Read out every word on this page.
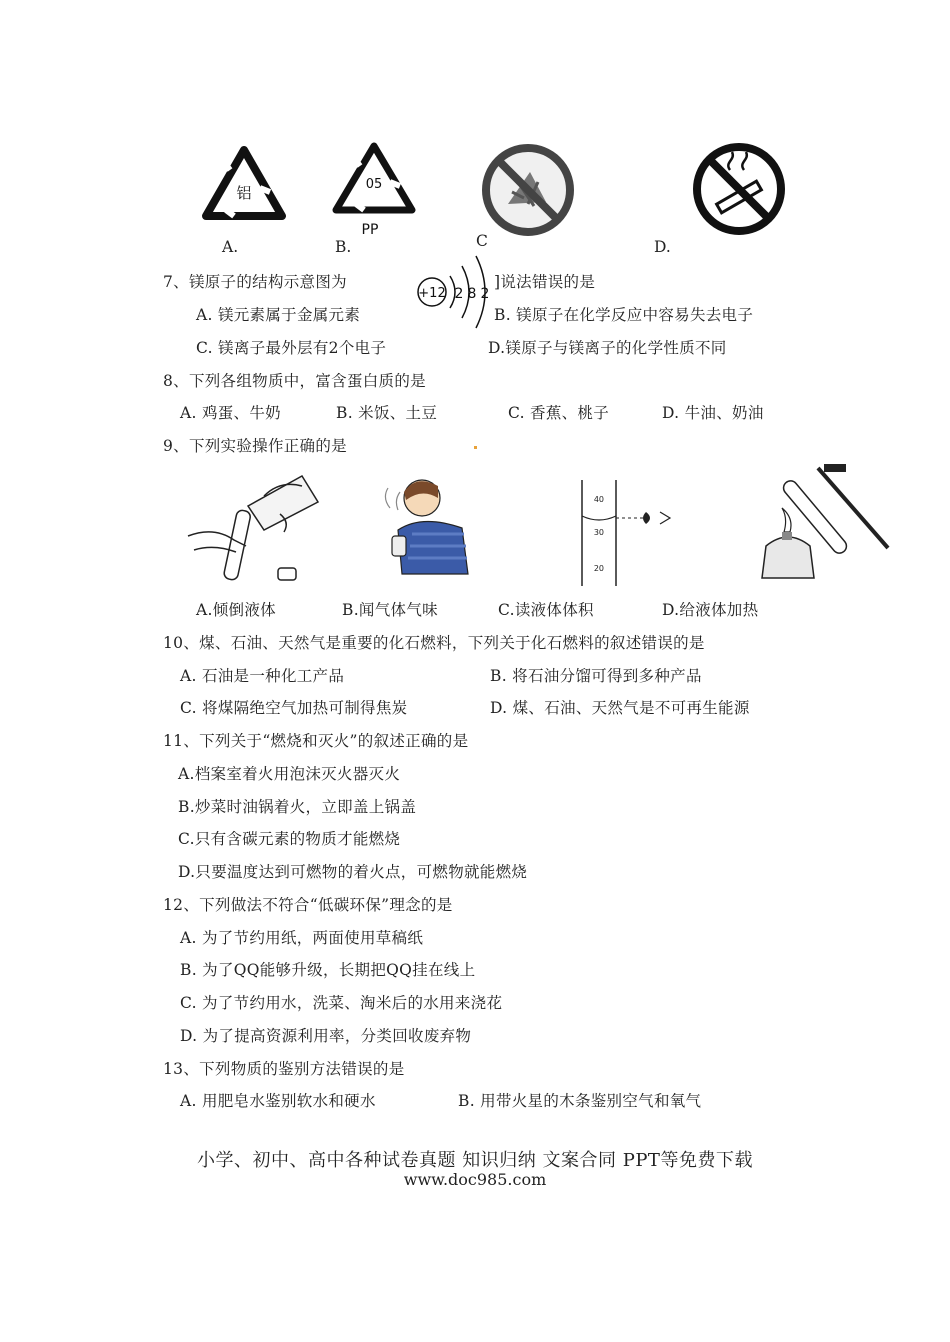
铝	05
PP
A.	B.	C	D.
7、镁原子的结构示意图为
+12 2 8 2
]说法错误的是
A. 镁元素属于金属元素	B. 镁原子在化学反应中容易失去电子
C. 镁离子最外层有2个电子	D.镁原子与镁离子的化学性质不同
8、下列各组物质中，富含蛋白质的是
A. 鸡蛋、牛奶	B. 米饭、土豆	C. 香蕉、桃子	D. 牛油、奶油
9、下列实验操作正确的是
40
30
20
A.倾倒液体	B.闻气体气味	C.读液体体积	D.给液体加热
10、煤、石油、天然气是重要的化石燃料，下列关于化石燃料的叙述错误的是
A. 石油是一种化工产品	B. 将石油分馏可得到多种产品
C. 将煤隔绝空气加热可制得焦炭	D. 煤、石油、天然气是不可再生能源
11、下列关于“燃烧和灭火”的叙述正确的是
A.档案室着火用泡沫灭火器灭火
B.炒菜时油锅着火，立即盖上锅盖
C.只有含碳元素的物质才能燃烧
D.只要温度达到可燃物的着火点，可燃物就能燃烧
12、下列做法不符合“低碳环保”理念的是
A. 为了节约用纸，两面使用草稿纸
B. 为了QQ能够升级，长期把QQ挂在线上
C. 为了节约用水，洗菜、淘米后的水用来浇花
D. 为了提高资源利用率，分类回收废弃物
13、下列物质的鉴别方法错误的是
A. 用肥皂水鉴别软水和硬水	B. 用带火星的木条鉴别空气和氧气
小学、初中、高中各种试卷真题 知识归纳 文案合同 PPT等免费下载
www.doc985.com
